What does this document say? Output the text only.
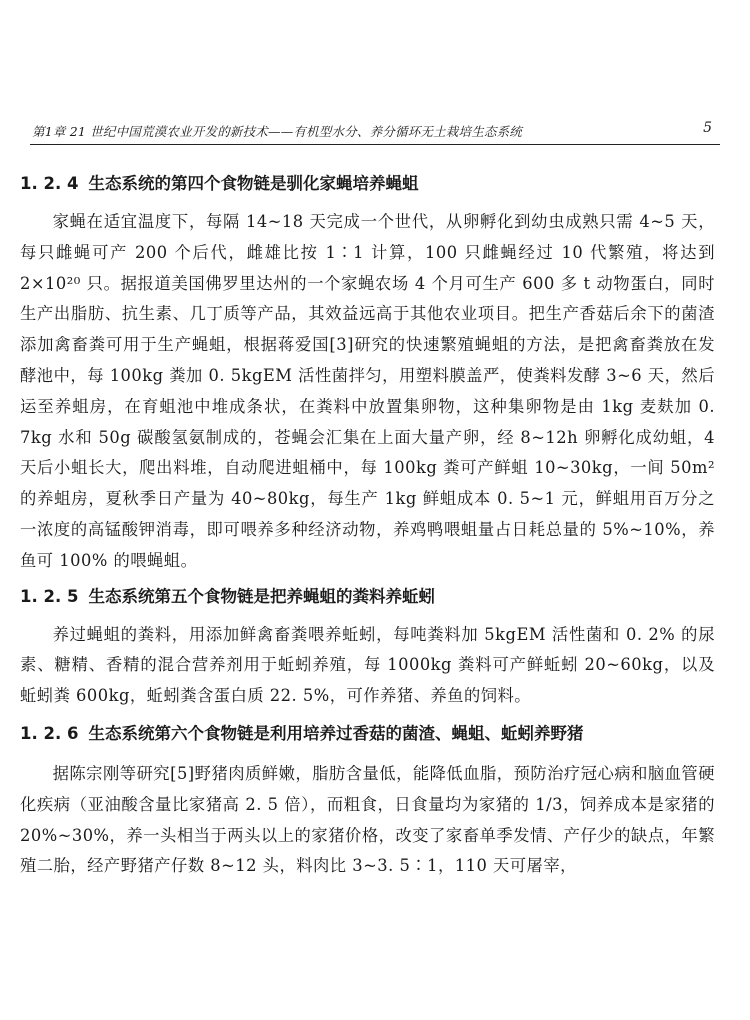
第1章 21 世纪中国荒漠农业开发的新技术——有机型水分、养分循环无土栽培生态系统	5
1. 2. 4 生态系统的第四个食物链是驯化家蝇培养蝇蛆

家蝇在适宜温度下，每隔 14~18 天完成一个世代，从卵孵化到幼虫成熟只需 4~5 天，每只雌蝇可产 200 个后代，雌雄比按 1∶1 计算，100 只雌蝇经过 10 代繁殖，将达到 2×10²⁰ 只。据报道美国佛罗里达州的一个家蝇农场 4 个月可生产 600 多 t 动物蛋白，同时生产出脂肪、抗生素、几丁质等产品，其效益远高于其他农业项目。把生产香菇后余下的菌渣添加禽畜粪可用于生产蝇蛆，根据蒋爱国[3]研究的快速繁殖蝇蛆的方法，是把禽畜粪放在发酵池中，每 100kg 粪加 0. 5kgEM 活性菌拌匀，用塑料膜盖严，使粪料发酵 3~6 天，然后运至养蛆房，在育蛆池中堆成条状，在粪料中放置集卵物，这种集卵物是由 1kg 麦麸加 0. 7kg 水和 50g 碳酸氢氨制成的，苍蝇会汇集在上面大量产卵，经 8~12h 卵孵化成幼蛆，4 天后小蛆长大，爬出料堆，自动爬进蛆桶中，每 100kg 粪可产鲜蛆 10~30kg，一间 50m² 的养蛆房，夏秋季日产量为 40~80kg，每生产 1kg 鲜蛆成本 0. 5~1 元，鲜蛆用百万分之一浓度的高锰酸钾消毒，即可喂养多种经济动物，养鸡鸭喂蛆量占日耗总量的 5%~10%，养鱼可 100% 的喂蝇蛆。

1. 2. 5 生态系统第五个食物链是把养蝇蛆的粪料养蚯蚓

养过蝇蛆的粪料，用添加鲜禽畜粪喂养蚯蚓，每吨粪料加 5kgEM 活性菌和 0. 2% 的尿素、糖精、香精的混合营养剂用于蚯蚓养殖，每 1000kg 粪料可产鲜蚯蚓 20~60kg，以及蚯蚓粪 600kg，蚯蚓粪含蛋白质 22. 5%，可作养猪、养鱼的饲料。

1. 2. 6 生态系统第六个食物链是利用培养过香菇的菌渣、蝇蛆、蚯蚓养野猪

据陈宗刚等研究[5]野猪肉质鲜嫩，脂肪含量低，能降低血脂，预防治疗冠心病和脑血管硬化疾病（亚油酸含量比家猪高 2. 5 倍），而粗食，日食量均为家猪的 1/3，饲养成本是家猪的 20%~30%，养一头相当于两头以上的家猪价格，改变了家畜单季发情、产仔少的缺点，年繁殖二胎，经产野猪产仔数 8~12 头，料肉比 3~3. 5∶1，110 天可屠宰，
